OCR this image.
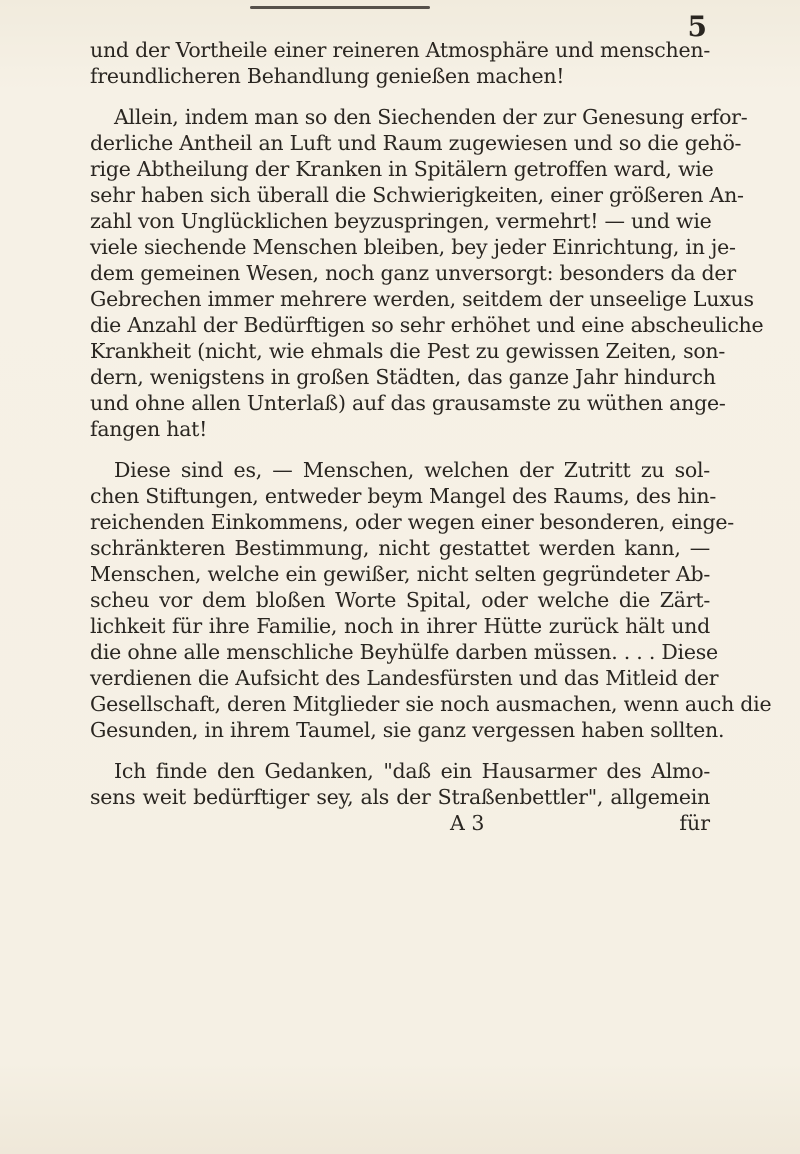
5
und der Vortheile einer reineren Atmosphäre und menschen-
freundlicheren Behandlung genießen machen!
Allein, indem man so den Siechenden der zur Genesung erfor-
derliche Antheil an Luft und Raum zugewiesen und so die gehö-
rige Abtheilung der Kranken in Spitälern getroffen ward, wie
sehr haben sich überall die Schwierigkeiten, einer größeren An-
zahl von Unglücklichen beyzuspringen, vermehrt! — und wie
viele siechende Menschen bleiben, bey jeder Einrichtung, in je-
dem gemeinen Wesen, noch ganz unversorgt: besonders da der
Gebrechen immer mehrere werden, seitdem der unseelige Luxus
die Anzahl der Bedürftigen so sehr erhöhet und eine abscheuliche
Krankheit (nicht, wie ehmals die Pest zu gewissen Zeiten, son-
dern, wenigstens in großen Städten, das ganze Jahr hindurch
und ohne allen Unterlaß) auf das grausamste zu wüthen ange-
fangen hat!
Diese sind es, — Menschen, welchen der Zutritt zu sol-
chen Stiftungen, entweder beym Mangel des Raums, des hin-
reichenden Einkommens, oder wegen einer besonderen, einge-
schränkteren Bestimmung, nicht gestattet werden kann, —
Menschen, welche ein gewißer, nicht selten gegründeter Ab-
scheu vor dem bloßen Worte Spital, oder welche die Zärt-
lichkeit für ihre Familie, noch in ihrer Hütte zurück hält und
die ohne alle menschliche Beyhülfe darben müssen. . . . Diese
verdienen die Aufsicht des Landesfürsten und das Mitleid der
Gesellschaft, deren Mitglieder sie noch ausmachen, wenn auch die
Gesunden, in ihrem Taumel, sie ganz vergessen haben sollten.
Ich finde den Gedanken, "daß ein Hausarmer des Almo-
sens weit bedürftiger sey, als der Straßenbettler", allgemein
A 3	für
